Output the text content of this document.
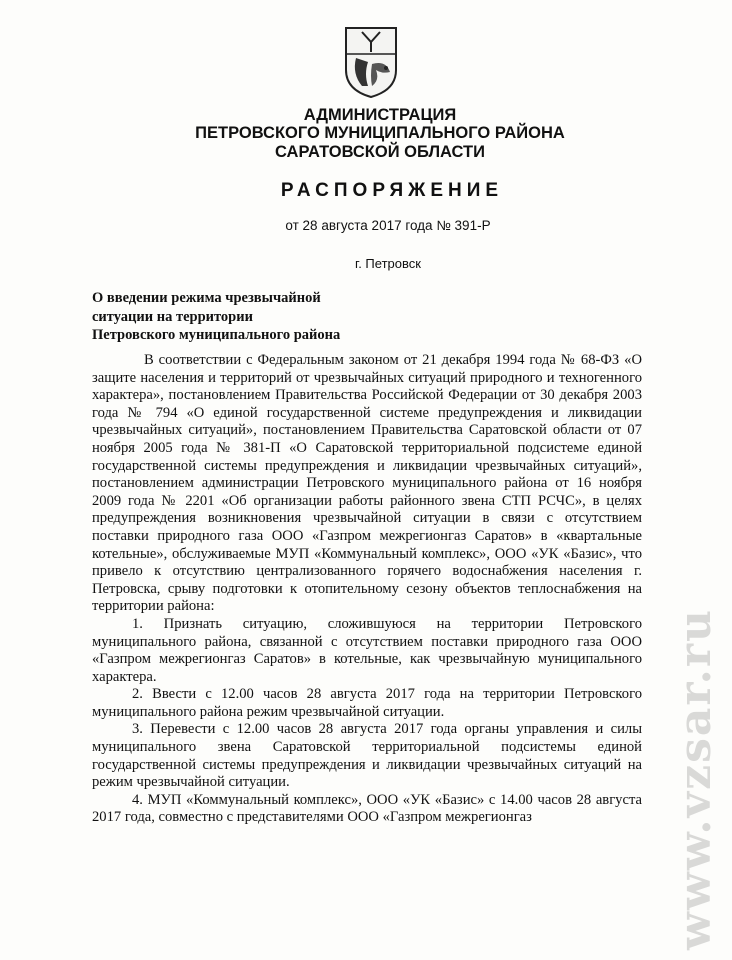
АДМИНИСТРАЦИЯ
ПЕТРОВСКОГО МУНИЦИПАЛЬНОГО РАЙОНА
САРАТОВСКОЙ ОБЛАСТИ
РАСПОРЯЖЕНИЕ
от 28 августа 2017 года № 391-Р
г. Петровск
О введении режима чрезвычайной
ситуации на территории
Петровского муниципального района

В соответствии с Федеральным законом от 21 декабря 1994 года № 68-ФЗ «О защите населения и территорий от чрезвычайных ситуаций природного и техногенного характера», постановлением Правительства Российской Федерации от 30 декабря 2003 года № 794 «О единой государственной системе предупреждения и ликвидации чрезвычайных ситуаций», постановлением Правительства Саратовской области от 07 ноября 2005 года № 381-П «О Саратовской территориальной подсистеме единой государственной системы предупреждения и ликвидации чрезвычайных ситуаций», постановлением администрации Петровского муниципального района от 16 ноября 2009 года № 2201 «Об организации работы районного звена СТП РСЧС», в целях предупреждения возникновения чрезвычайной ситуации в связи с отсутствием поставки природного газа ООО «Газпром межрегионгаз Саратов» в «квартальные котельные», обслуживаемые МУП «Коммунальный комплекс», ООО «УК «Базис», что привело к отсутствию централизованного горячего водоснабжения населения г. Петровска, срыву подготовки к отопительному сезону объектов теплоснабжения на территории района:

1. Признать ситуацию, сложившуюся на территории Петровского муниципального района, связанной с отсутствием поставки природного газа ООО «Газпром межрегионгаз Саратов» в котельные, как чрезвычайную муниципального характера.

2. Ввести с 12.00 часов 28 августа 2017 года на территории Петровского муниципального района режим чрезвычайной ситуации.

3. Перевести с 12.00 часов 28 августа 2017 года органы управления и силы муниципального звена Саратовской территориальной подсистемы единой государственной системы предупреждения и ликвидации чрезвычайных ситуаций на режим чрезвычайной ситуации.

4. МУП «Коммунальный комплекс», ООО «УК «Базис» с 14.00 часов 28 августа 2017 года, совместно с представителями ООО «Газпром межрегионгаз	www.vzsar.ru
